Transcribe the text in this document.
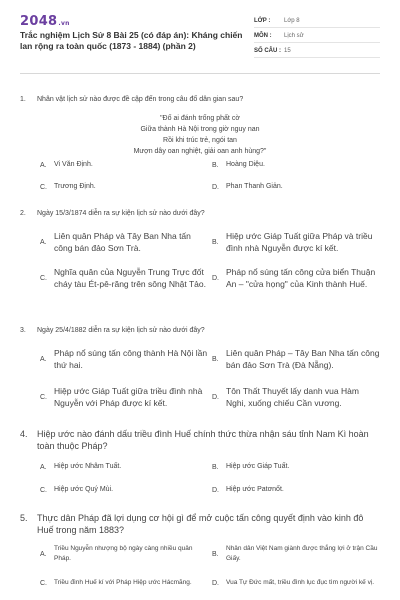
2048.vn
Trắc nghiệm Lịch Sử 8 Bài 25 (có đáp án): Kháng chiến lan rộng ra toàn quốc (1873 - 1884) (phần 2)
LỚP :	Lớp 8
MÔN :	Lịch sử
SỐ CÂU : 15
1.	Nhân vật lịch sử nào được đề cập đến trong câu đố dân gian sau?
"Đố ai đánh trống phất cờ
Giữa thành Hà Nội trong giờ nguy nan
Rồi khi trúc trẻ, ngói tan
Mượn dây oan nghiệt, giải oan anh hùng?"
A.	Vi Văn Định.	B.	Hoàng Diệu.
C.	Trương Định.	D.	Phan Thanh Giản.
2.	Ngày 15/3/1874 diễn ra sự kiện lịch sử nào dưới đây?
A.
Liên quân Pháp và Tây Ban Nha tấn công bán đảo Sơn Trà.
B.
Hiệp ước Giáp Tuất giữa Pháp và triều đình nhà Nguyễn được kí kết.
C.
Nghĩa quân của Nguyễn Trung Trực đốt cháy tàu Ét-pê-răng trên sông Nhật Tảo.
D.
Pháp nổ súng tấn công cửa biển Thuận An – "cửa họng" của Kinh thành Huế.
3.	Ngày 25/4/1882 diễn ra sự kiện lịch sử nào dưới đây?
A.
Pháp nổ súng tấn công thành Hà Nội lần thứ hai.
B.
Liên quân Pháp – Tây Ban Nha tấn công bán đảo Sơn Trà (Đà Nẵng).
C.
Hiệp ước Giáp Tuất giữa triều đình nhà Nguyễn với Pháp được kí kết.
D.
Tôn Thất Thuyết lấy danh vua Hàm Nghi, xuống chiếu Cần vương.
4.	Hiệp ước nào đánh dấu triều đình Huế chính thức thừa nhận sáu tỉnh Nam Kì hoàn toàn thuộc Pháp?
A.	Hiệp ước Nhâm Tuất.	B.	Hiệp ước Giáp Tuất.
C.	Hiệp ước Quý Mùi.	D.	Hiệp ước Patơnốt.
5.	Thực dân Pháp đã lợi dụng cơ hội gì để mở cuộc tấn công quyết định vào kinh đô Huế trong năm 1883?
A.
Triều Nguyễn nhượng bộ ngày càng nhiều quân Pháp.
B.
Nhân dân Việt Nam giành được thắng lợi ở trận Cầu Giấy.
C.	Triều đình Huế kí với Pháp Hiệp ước Hácmăng.	D.	Vua Tự Đức mất, triều đình lục đục tìm người kế vị.
